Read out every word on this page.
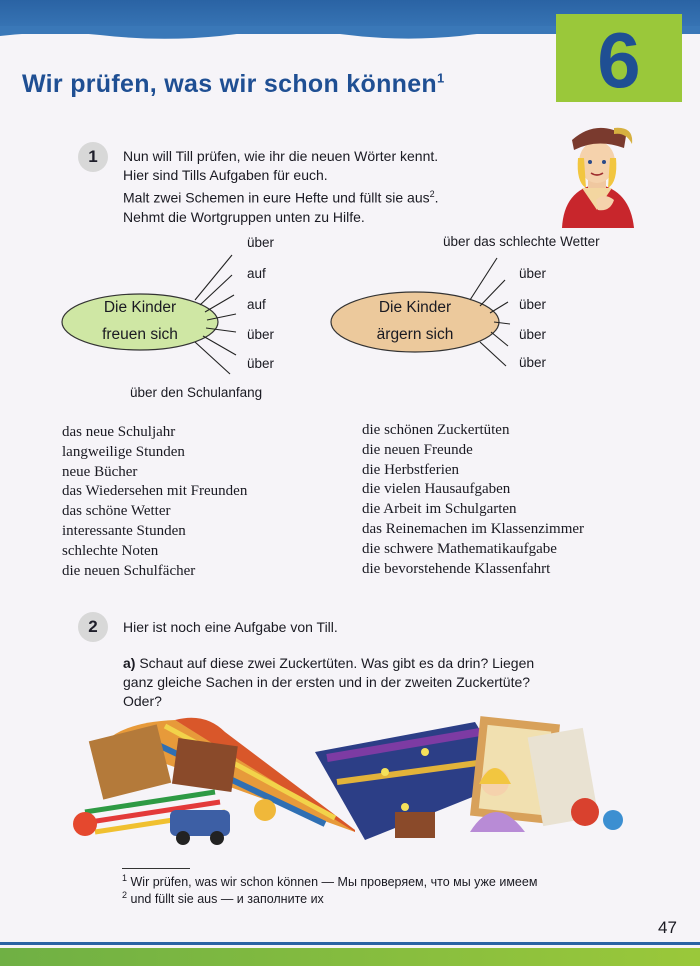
6
Wir prüfen, was wir schon können$^1$
1	Nun will Till prüfen, wie ihr die neuen Wörter kennt.
Hier sind Tills Aufgaben für euch.
Malt zwei Schemen in eure Hefte und füllt sie aus$^2$.
Nehmt die Wortgruppen unten zu Hilfe.
Die Kinder
freuen sich
Die Kinder
ärgern sich
über
auf
auf
über
über
über den Schulanfang
über das schlechte Wetter
über
über
über
über
das neue Schuljahr
langweilige Stunden
neue Bücher
das Wiedersehen mit Freunden
das schöne Wetter
interessante Stunden
schlechte Noten
die neuen Schulfächer
die schönen Zuckertüten
die neuen Freunde
die Herbstferien
die vielen Hausaufgaben
die Arbeit im Schulgarten
das Reinemachen im Klassenzimmer
die schwere Mathematikaufgabe
die bevorstehende Klassenfahrt
2	Hier ist noch eine Aufgabe von Till.
a) Schaut auf diese zwei Zuckertüten. Was gibt es da drin? Liegen
ganz gleiche Sachen in der ersten und in der zweiten Zuckertüte?
Oder?
$^1$ Wir prüfen, was wir schon können — Мы проверяем, что мы уже имеем
$^2$ und füllt sie aus — и заполните их
47
